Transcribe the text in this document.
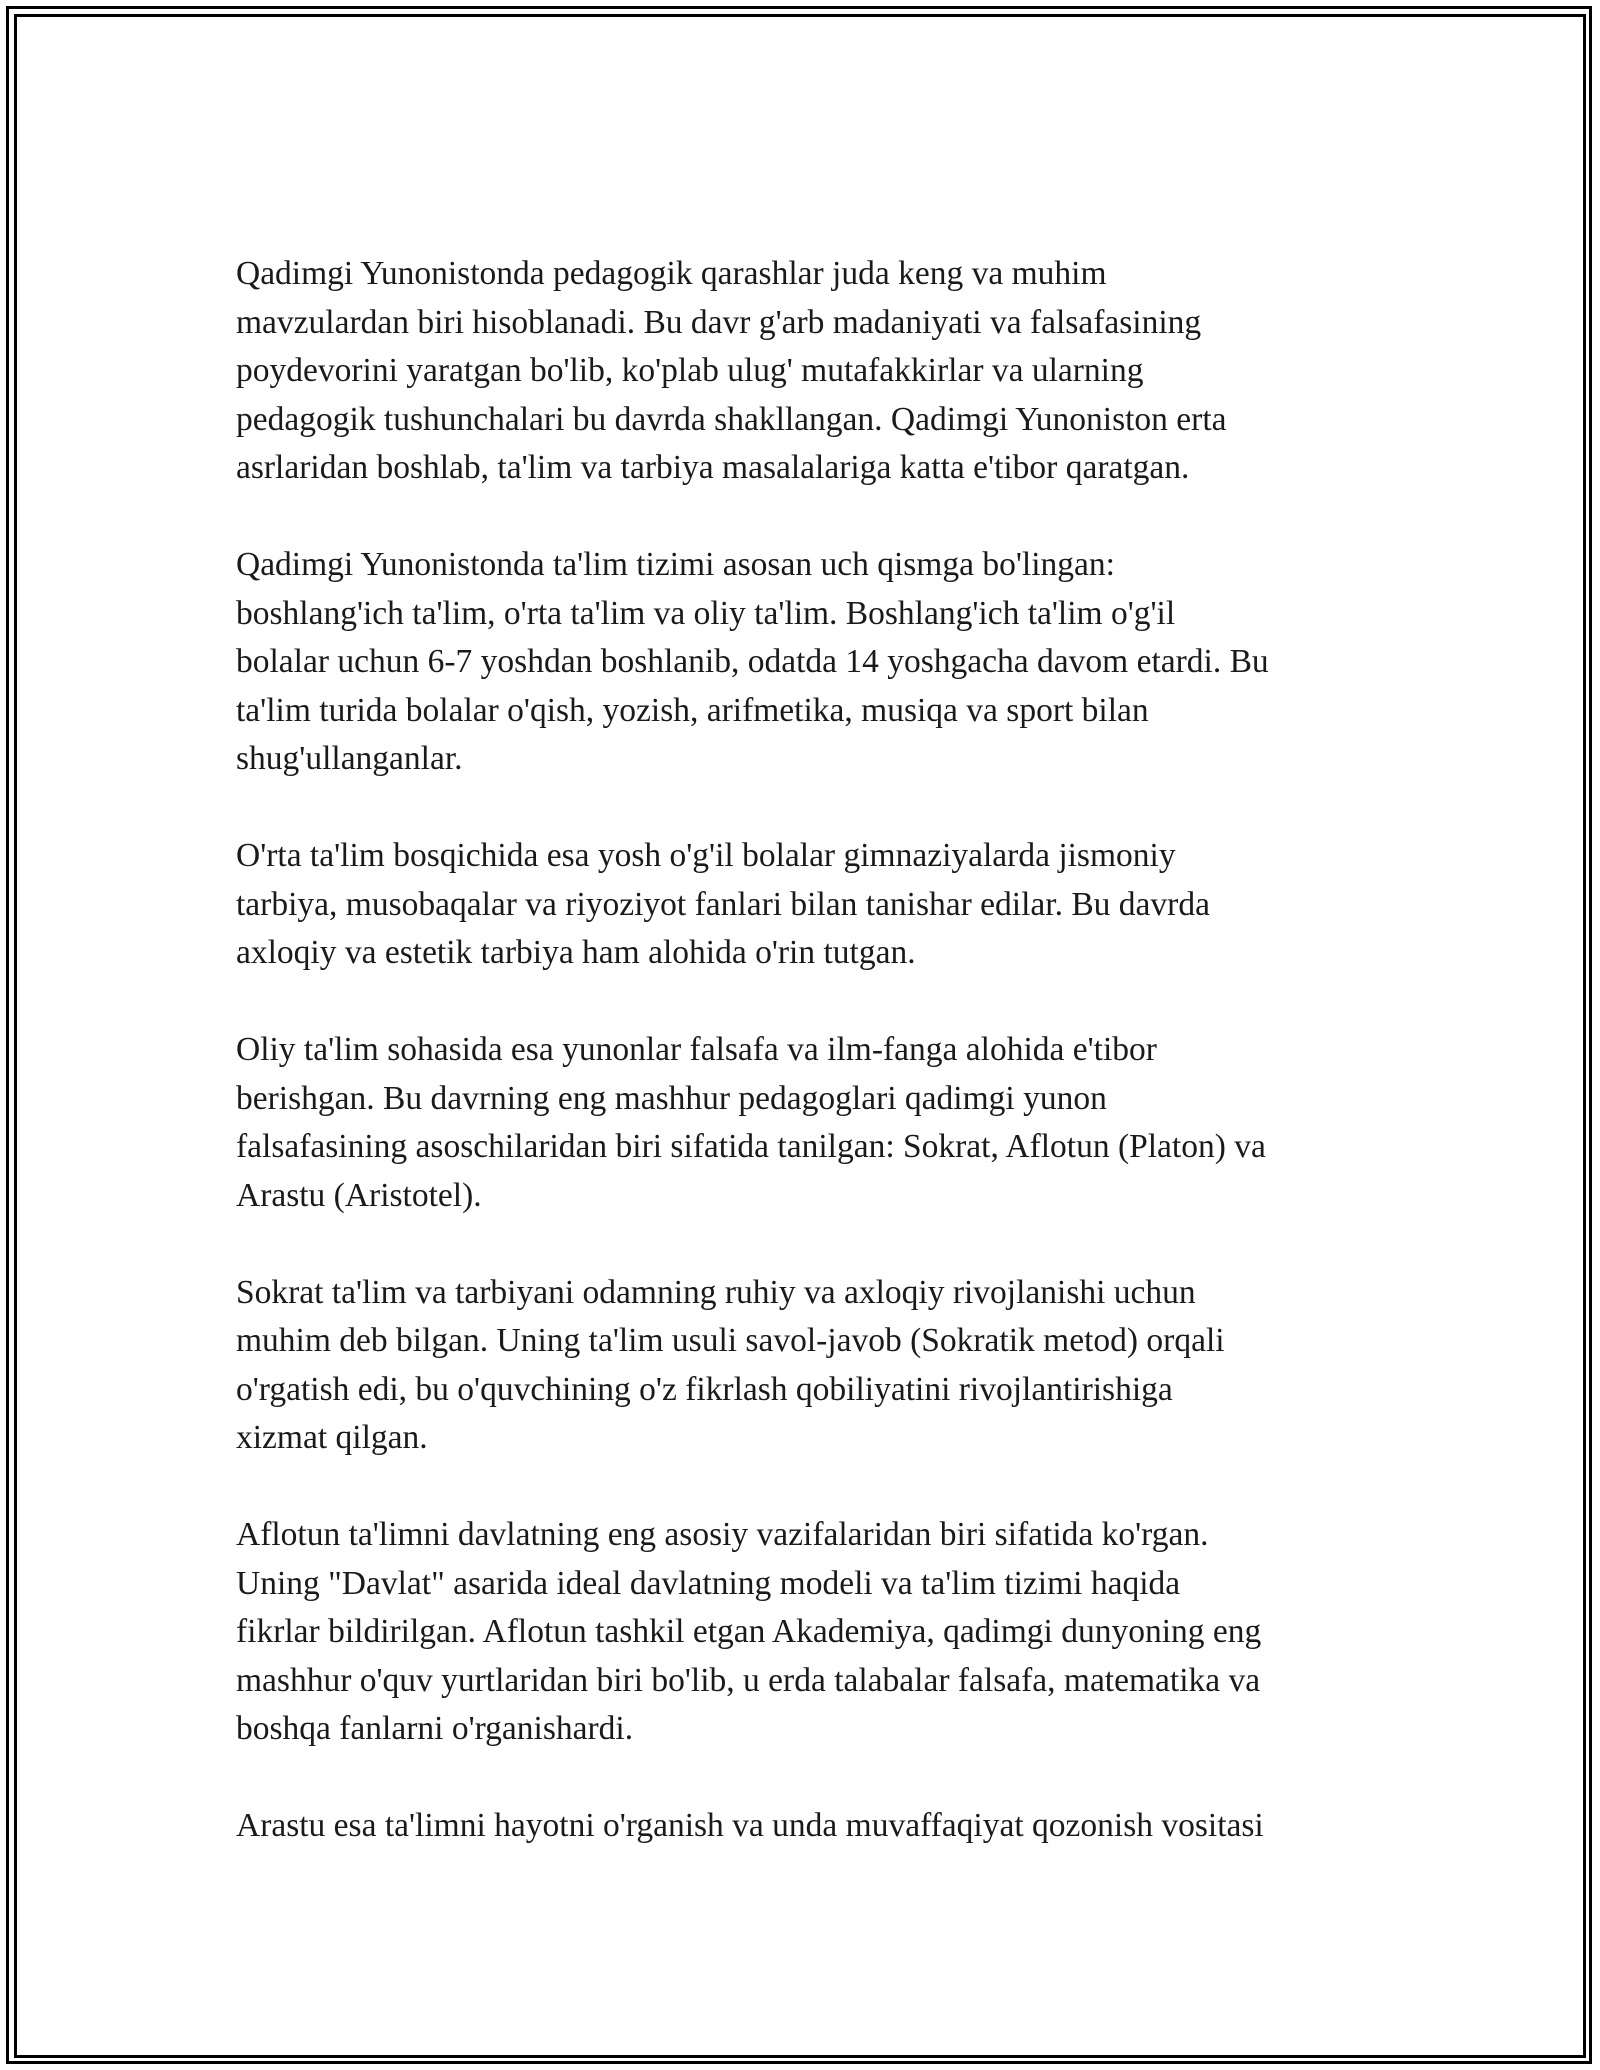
Qadimgi Yunonistonda pedagogik qarashlar juda keng va muhim
mavzulardan biri hisoblanadi. Bu davr g'arb madaniyati va falsafasining
poydevorini yaratgan bo'lib, ko'plab ulug' mutafakkirlar va ularning
pedagogik tushunchalari bu davrda shakllangan. Qadimgi Yunoniston erta
asrlaridan boshlab, ta'lim va tarbiya masalalariga katta e'tibor qaratgan.

Qadimgi Yunonistonda ta'lim tizimi asosan uch qismga bo'lingan:
boshlang'ich ta'lim, o'rta ta'lim va oliy ta'lim. Boshlang'ich ta'lim o'g'il
bolalar uchun 6-7 yoshdan boshlanib, odatda 14 yoshgacha davom etardi. Bu
ta'lim turida bolalar o'qish, yozish, arifmetika, musiqa va sport bilan
shug'ullanganlar.

O'rta ta'lim bosqichida esa yosh o'g'il bolalar gimnaziyalarda jismoniy
tarbiya, musobaqalar va riyoziyot fanlari bilan tanishar edilar. Bu davrda
axloqiy va estetik tarbiya ham alohida o'rin tutgan.

Oliy ta'lim sohasida esa yunonlar falsafa va ilm-fanga alohida e'tibor
berishgan. Bu davrning eng mashhur pedagoglari qadimgi yunon
falsafasining asoschilaridan biri sifatida tanilgan: Sokrat, Aflotun (Platon) va
Arastu (Aristotel).

Sokrat ta'lim va tarbiyani odamning ruhiy va axloqiy rivojlanishi uchun
muhim deb bilgan. Uning ta'lim usuli savol-javob (Sokratik metod) orqali
o'rgatish edi, bu o'quvchining o'z fikrlash qobiliyatini rivojlantirishiga
xizmat qilgan.

Aflotun ta'limni davlatning eng asosiy vazifalaridan biri sifatida ko'rgan.
Uning "Davlat" asarida ideal davlatning modeli va ta'lim tizimi haqida
fikrlar bildirilgan. Aflotun tashkil etgan Akademiya, qadimgi dunyoning eng
mashhur o'quv yurtlaridan biri bo'lib, u erda talabalar falsafa, matematika va
boshqa fanlarni o'rganishardi.

Arastu esa ta'limni hayotni o'rganish va unda muvaffaqiyat qozonish vositasi
